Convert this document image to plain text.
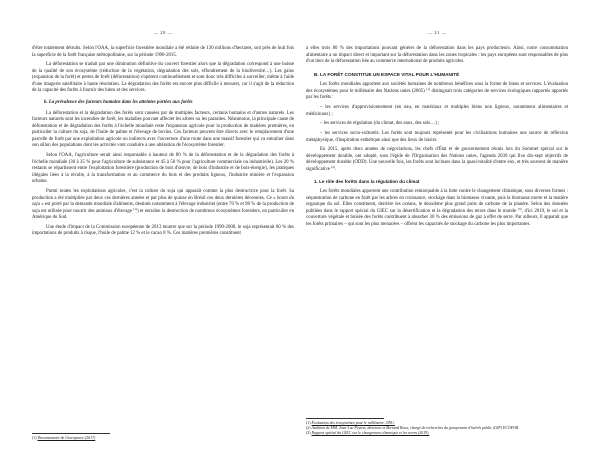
— 20 —

d'être totalement détruits. Selon l'OAA, la superficie forestière mondiale a été réduite de 130 millions d'hectares, soit près de huit fois la superficie de la forêt française métropolitaine, sur la période 1990-2015.

La déforestation se traduit par une diminution définitive du couvert forestier alors que la dégradation correspond à une baisse de la qualité de son écosystème (réduction de la végétation, dégradation des sols, effondrement de la biodiversité…). Les gains (expansion de la forêt) et pertes de forêt (déforestation) s'opèrent continuellement et sont donc très difficiles à surveiller, même à l'aide d'une imagerie satellitaire à haute résolution. La dégradation des forêts est encore plus difficile à mesurer, car il s'agit de la réduction de la capacité des forêts à fournir des biens et des services.

b. La prévalence des facteurs humains dans les atteintes portées aux forêts

La déforestation et la dégradation des forêts sont causées par de multiples facteurs, certains humains et d'autres naturels. Les facteurs naturels sont les incendies de forêt, les maladies pouvant affecter les arbres ou les parasites. Néanmoins, la principale cause de déforestation et de dégradation des forêts à l'échelle mondiale reste l'expansion agricole pour la production de matières premières, en particulier la culture du soja, de l'huile de palme et l'élevage de bovins. Ces facteurs peuvent être directs avec le remplacement d'une parcelle de forêt par une exploitation agricole ou indirects avec l'ouverture d'une route dans une massif forestier qui va entraîner dans son sillon des populations dont les activités vont conduire à une altération de l'écosystème forestier.

Selon l'OAA, l'agriculture serait ainsi responsable à hauteur de 80 % de la déforestation et de la dégradation des forêts à l'échelle mondiale (30 à 35 % pour l'agriculture de subsistance et 45 à 50 % pour l'agriculture commerciale ou industrielle). Les 20 % restants se répartissent entre l'exploitation forestière (production de bois d'œuvre, de bois d'industrie et de bois-énergie), les pratiques illégales liées à la récolte, à la transformation et au commerce du bois et des produits ligneux, l'industrie minière et l'expansion urbaine.

Parmi toutes les exploitations agricoles, c'est la culture du soja qui apparaît comme la plus destructrice pour la forêt. Sa production a été multipliée par deux ces dernières années et par plus de quinze en Brésil ces deux dernières décennies. Ce « boom du soja » est porté par la demande mondiale d'aliments, destinés notamment à l'élevage industriel (entre 70 % et 90 % de la production de soja est utilisée pour nourrir des animaux d'élevage $^{(1)}$) et entraîne la destruction de nombreux écosystèmes forestiers, en particulier en Amérique du Sud.

Une étude d'impact de la Commission européenne de 2013 montre que sur la période 1990-2008, le soja représentait 60 % des importations de produits à risque, l'huile de palme 12 % et le cacao 8 %. Ces matières premières constituent

(1) Documentaire de Greenpeace (2017)
— 21 —

à elles trois 80 % des importations pouvant générer de la déforestation dans les pays producteurs. Ainsi, notre consommation alimentaire a un impact direct et important sur la déforestation dans les zones tropicales : les pays européens sont responsables de plus d'un tiers de la déforestation liée au commerce international de produits agricoles.

B. LA FORÊT CONSTITUE UN ESPACE VITAL POUR L'HUMANITÉ

Les forêts mondiales apportent aux sociétés humaines de nombreux bénéfices sous la forme de biens et services. L'évaluation des écosystèmes pour le millénaire des Nations unies (2005) $^{(1)}$ distinguait trois catégories de services écologiques rapportés apportés par les forêts :

– les services d'approvisionnement (en eau, en matériaux et multiples biens non ligneux, notamment alimentaires et médicinaux) ;

– les services de régulation (du climat, des eaux, des sols…) ;

– les services socio-culturels. Les forêts sont toujours représenté pour les civilisations humaines une source de réflexion métaphysique, d'inspiration esthétique ainsi que des lieux de loisirs.

En 2015, après deux années de négociations, les chefs d'État et de gouvernement réunis lors du Sommet spécial sur le développement durable, ont adopté, sous l'égide de l'Organisation des Nations unies, l'agenda 2030 qui fixe dix-sept objectifs de développement durable (ODD). Une nouvelle fois, les forêts sont incluses dans la quasi-totalité d'entre eux, et très souvent de manière significative $^{(2)}$.

1. Le rôle des forêts dans la régulation du climat

Les forêts mondiales apportent une contribution remarquable à la lutte contre le changement climatique, sous diverses formes : séquestration de carbone en forêt par les arbres en croissance, stockage dans la biomasse vivante, puis la biomasse morte et la matière organique du sol. Elles constituent, derrière les océans, le deuxième plus grand puits de carbone de la planète. Selon des données publiées dans le rapport spécial du GIEC sur la désertification et la dégradation des terres dans le monde $^{(3)}$, d'ici 2019, le sol et la couverture végétale et boisée des forêts contribuent à absorber 30 % des émissions de gaz à effet de serre. Par ailleurs, il apparaît que les forêts primaires – qui sont les plus menacées – offrent les capacités de stockage du carbone les plus importantes.

(1) Évaluation des écosystèmes pour le millénaire, ONU.
(2) Audition de MM. Jean-Luc Peyron, directeur et Bernard Roux, chargé de recherches du groupement d'intérêt public (GIP) ECOFOR.
(3) Rapport spécial du GIEC sur le changement climatique et les terres (2019).
